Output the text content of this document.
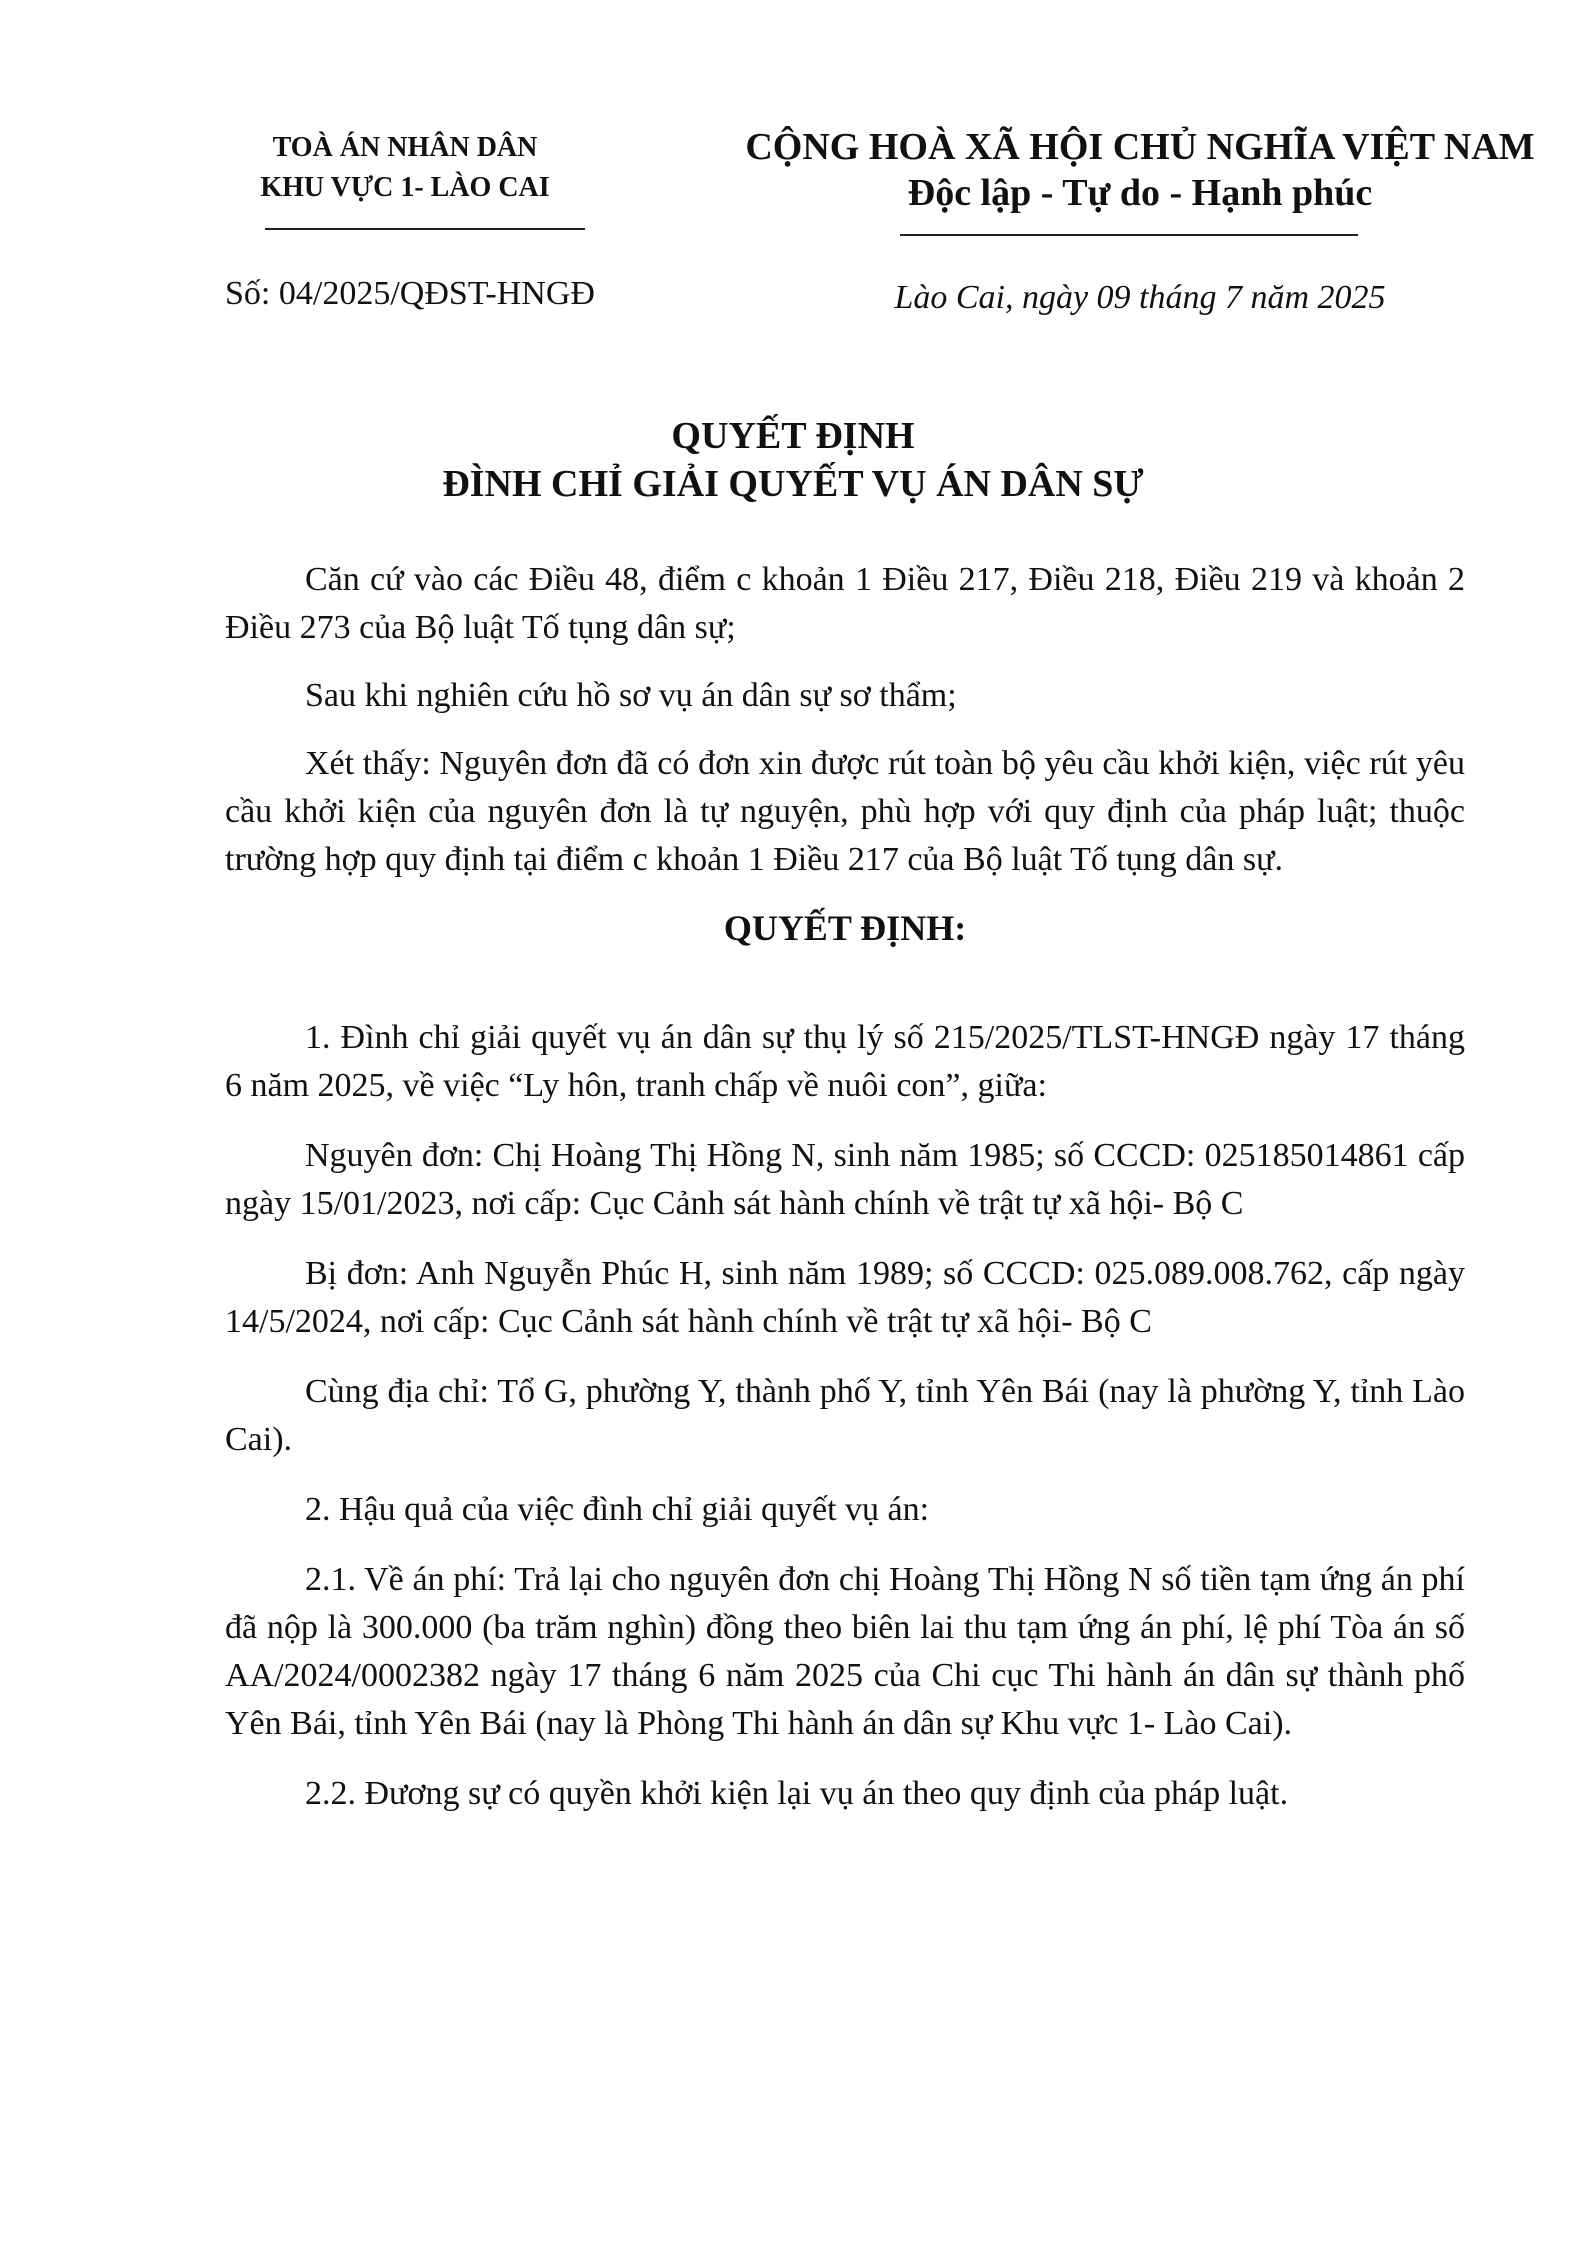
TOÀ ÁN NHÂN DÂN
KHU VỰC 1- LÀO CAI
CỘNG HOÀ XÃ HỘI CHỦ NGHĨA VIỆT NAM
Độc lập - Tự do - Hạnh phúc
Số: 04/2025/QĐST-HNGĐ	Lào Cai, ngày 09 tháng 7 năm 2025
QUYẾT ĐỊNH
ĐÌNH CHỈ GIẢI QUYẾT VỤ ÁN DÂN SỰ

Căn cứ vào các Điều 48, điểm c khoản 1 Điều 217, Điều 218, Điều 219 và khoản 2 Điều 273 của Bộ luật Tố tụng dân sự;

Sau khi nghiên cứu hồ sơ vụ án dân sự sơ thẩm;

Xét thấy: Nguyên đơn đã có đơn xin được rút toàn bộ yêu cầu khởi kiện, việc rút yêu cầu khởi kiện của nguyên đơn là tự nguyện, phù hợp với quy định của pháp luật; thuộc trường hợp quy định tại điểm c khoản 1 Điều 217 của Bộ luật Tố tụng dân sự.

QUYẾT ĐỊNH:

1. Đình chỉ giải quyết vụ án dân sự thụ lý số 215/2025/TLST-HNGĐ ngày 17 tháng 6 năm 2025, về việc “Ly hôn, tranh chấp về nuôi con”, giữa:

Nguyên đơn: Chị Hoàng Thị Hồng N, sinh năm 1985; số CCCD: 025185014861 cấp ngày 15/01/2023, nơi cấp: Cục Cảnh sát hành chính về trật tự xã hội- Bộ C

Bị đơn: Anh Nguyễn Phúc H, sinh năm 1989; số CCCD: 025.089.008.762, cấp ngày 14/5/2024, nơi cấp: Cục Cảnh sát hành chính về trật tự xã hội- Bộ C

Cùng địa chỉ: Tổ G, phường Y, thành phố Y, tỉnh Yên Bái (nay là phường Y, tỉnh Lào Cai).

2. Hậu quả của việc đình chỉ giải quyết vụ án:

2.1. Về án phí: Trả lại cho nguyên đơn chị Hoàng Thị Hồng N số tiền tạm ứng án phí đã nộp là 300.000 (ba trăm nghìn) đồng theo biên lai thu tạm ứng án phí, lệ phí Tòa án số AA/2024/0002382 ngày 17 tháng 6 năm 2025 của Chi cục Thi hành án dân sự thành phố Yên Bái, tỉnh Yên Bái (nay là Phòng Thi hành án dân sự Khu vực 1- Lào Cai).

2.2. Đương sự có quyền khởi kiện lại vụ án theo quy định của pháp luật.
